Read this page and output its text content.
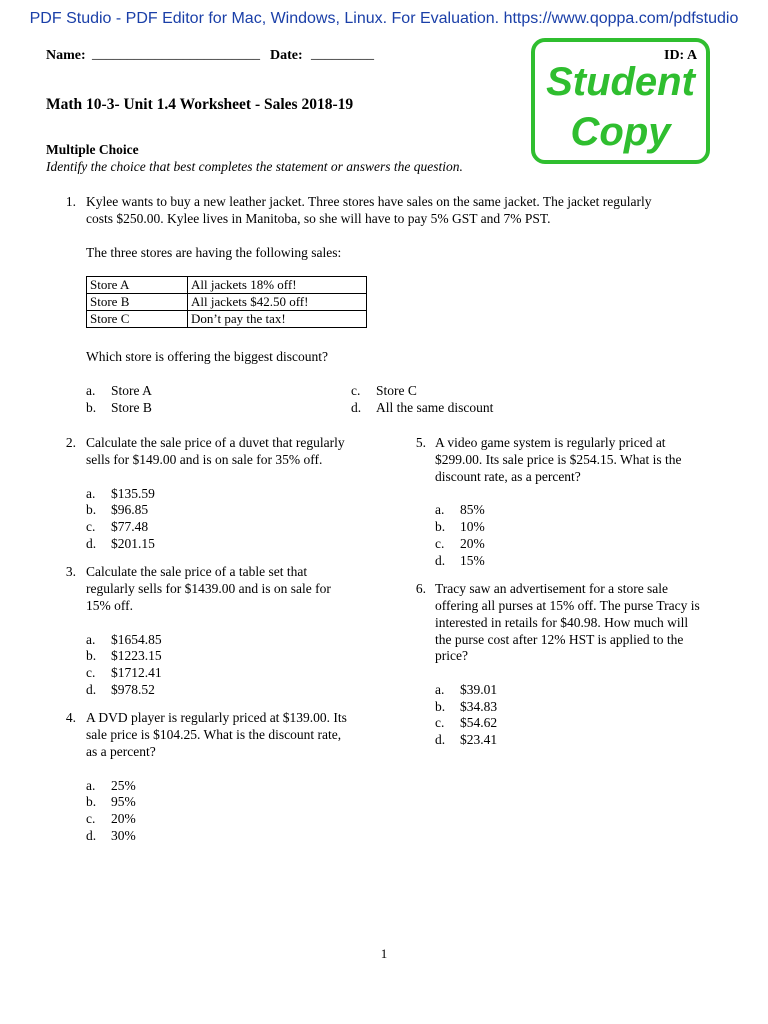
PDF Studio - PDF Editor for Mac, Windows, Linux. For Evaluation. https://www.qoppa.com/pdfstudio
Name: ________________________ Date: _________	ID: A
Student
Copy
Math 10-3- Unit 1.4 Worksheet - Sales 2018-19
Multiple Choice
Identify the choice that best completes the statement or answers the question.
1. Kylee wants to buy a new leather jacket. Three stores have sales on the same jacket. The jacket regularly
costs $250.00. Kylee lives in Manitoba, so she will have to pay 5% GST and 7% PST.
The three stores are having the following sales:
Store A	All jackets 18% off!
Store B	All jackets $42.50 off!
Store C	Don’t pay the tax!
Which store is offering the biggest discount?
a. Store A
b. Store B
c. Store C
d. All the same discount
2. Calculate the sale price of a duvet that regularly
sells for $149.00 and is on sale for 35% off.
a. $135.59
b. $96.85
c. $77.48
d. $201.15
3. Calculate the sale price of a table set that
regularly sells for $1439.00 and is on sale for
15% off.
a. $1654.85
b. $1223.15
c. $1712.41
d. $978.52
4. A DVD player is regularly priced at $139.00. Its
sale price is $104.25. What is the discount rate,
as a percent?
a. 25%
b. 95%
c. 20%
d. 30%
5. A video game system is regularly priced at
$299.00. Its sale price is $254.15. What is the
discount rate, as a percent?
a. 85%
b. 10%
c. 20%
d. 15%
6. Tracy saw an advertisement for a store sale
offering all purses at 15% off. The purse Tracy is
interested in retails for $40.98. How much will
the purse cost after 12% HST is applied to the
price?
a. $39.01
b. $34.83
c. $54.62
d. $23.41
1
